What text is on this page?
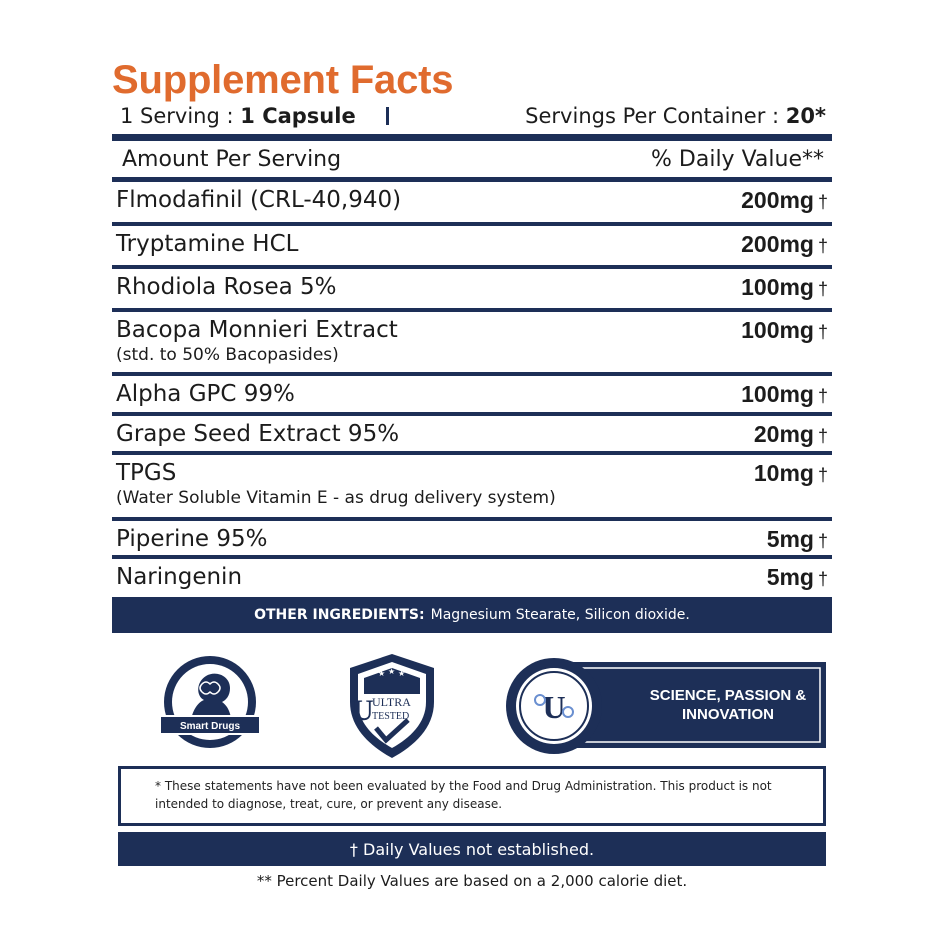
Supplement Facts
1 Serving : 1 Capsule	Servings Per Container : 20*
Amount Per Serving	% Daily Value**
Flmodafinil (CRL-40,940)	200mg †
Tryptamine HCL	200mg †
Rhodiola Rosea 5%	100mg †
Bacopa Monnieri Extract
(std. to 50% Bacopasides)
100mg †
Alpha GPC 99%	100mg †
Grape Seed Extract 95%	20mg †
TPGS
(Water Soluble Vitamin E - as drug delivery system)
10mg †
Piperine 95%	5mg †
Naringenin	5mg †
OTHER INGREDIENTS: Magnesium Stearate, Silicon dioxide.
Smart Drugs
★ ★ ★
U
ULTRA
TESTED	U	SCIENCE, PASSION &
INNOVATION
* These statements have not been evaluated by the Food and Drug Administration. This product is not intended to diagnose, treat, cure, or prevent any disease.
† Daily Values not established.
** Percent Daily Values are based on a 2,000 calorie diet.
